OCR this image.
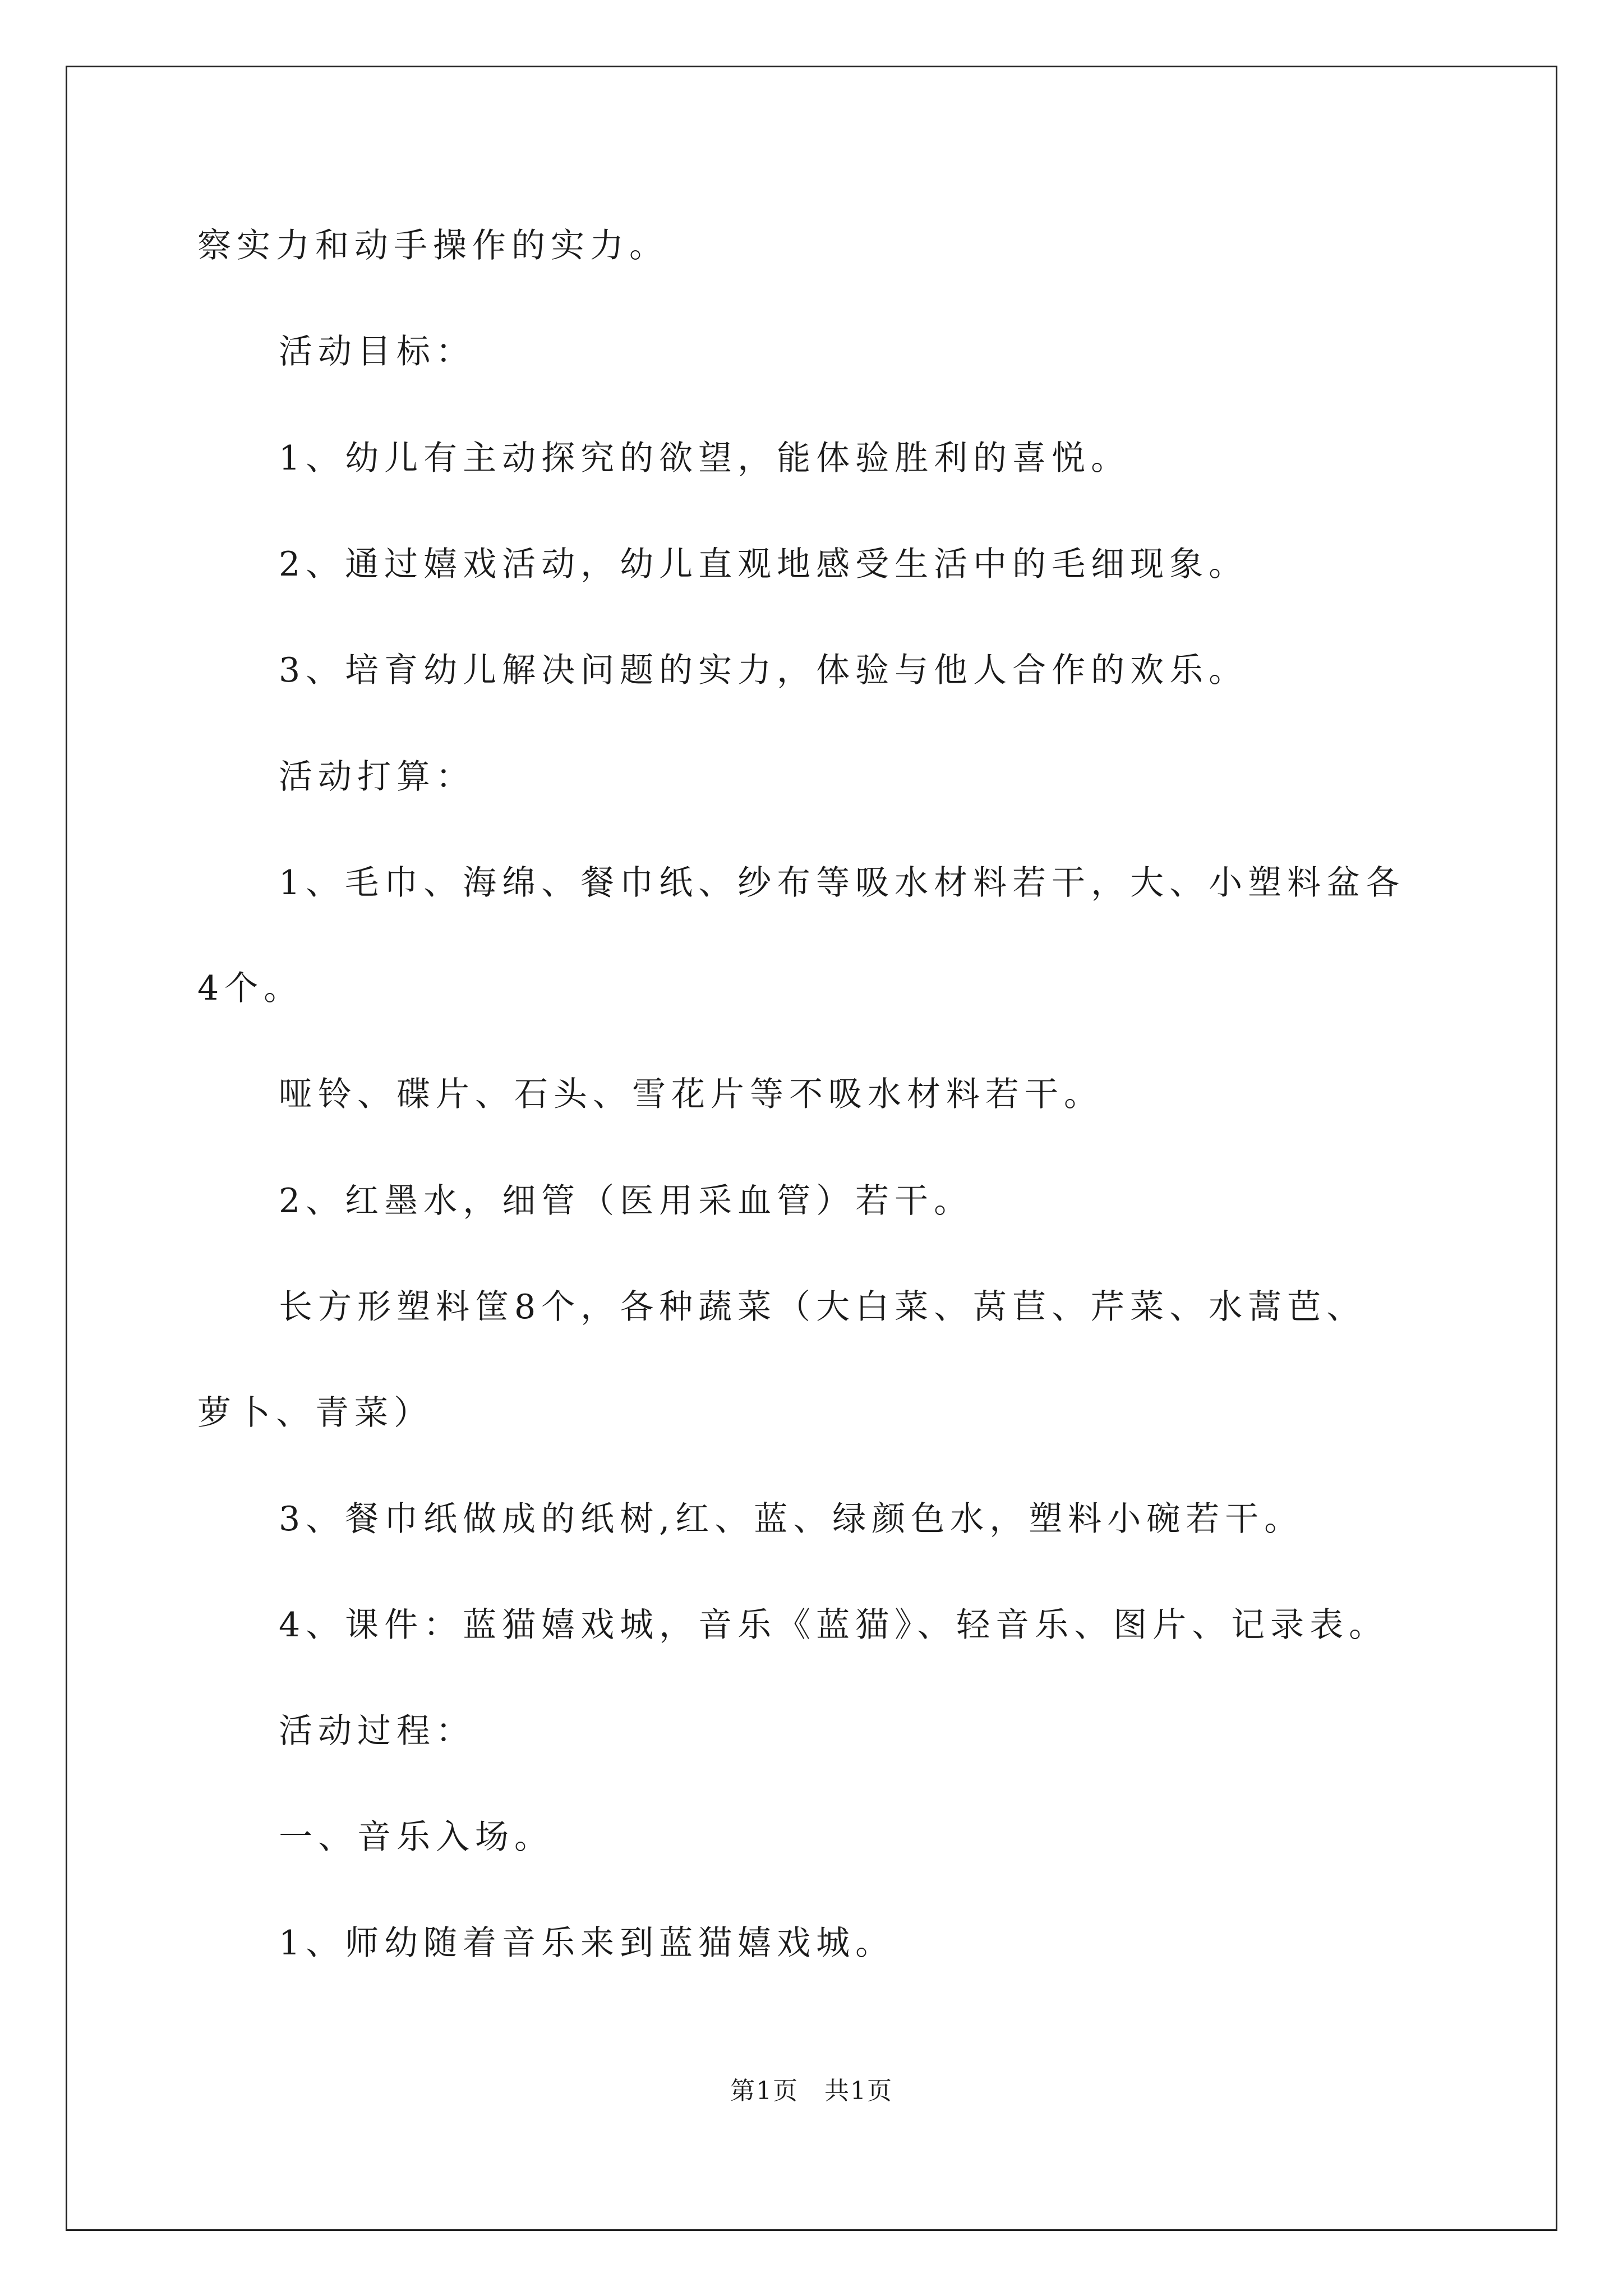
察实力和动手操作的实力。
活动目标：
1、幼儿有主动探究的欲望，能体验胜利的喜悦。
2、通过嬉戏活动，幼儿直观地感受生活中的毛细现象。
3、培育幼儿解决问题的实力，体验与他人合作的欢乐。
活动打算：
1、毛巾、海绵、餐巾纸、纱布等吸水材料若干，大、小塑料盆各
4个。
哑铃、碟片、石头、雪花片等不吸水材料若干。
2、红墨水，细管（医用采血管）若干。
长方形塑料筐8个，各种蔬菜（大白菜、莴苣、芹菜、水蒿芭、
萝卜、青菜）
3、餐巾纸做成的纸树,红、蓝、绿颜色水，塑料小碗若干。
4、课件：蓝猫嬉戏城，音乐《蓝猫》、轻音乐、图片、记录表。
活动过程：
一、音乐入场。
1、师幼随着音乐来到蓝猫嬉戏城。
第1页　共1页
